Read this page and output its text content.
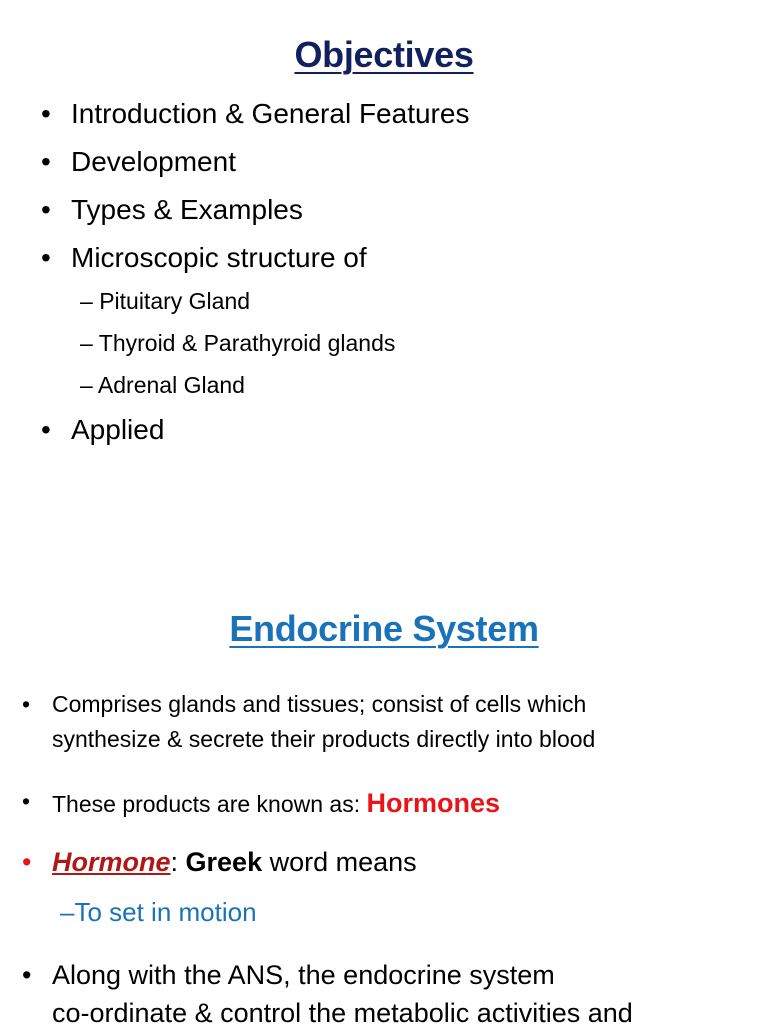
Objectives
• Introduction & General Features
• Development
• Types & Examples
• Microscopic structure of
– Pituitary Gland
– Thyroid & Parathyroid glands
– Adrenal Gland
• Applied
Endocrine System
• Comprises glands and tissues; consist of cells which
synthesize & secrete their products directly into blood
• These products are known as: Hormones
• Hormone: Greek word means
–To set in motion
• Along with the ANS, the endocrine system
co-ordinate & control the metabolic activities and
